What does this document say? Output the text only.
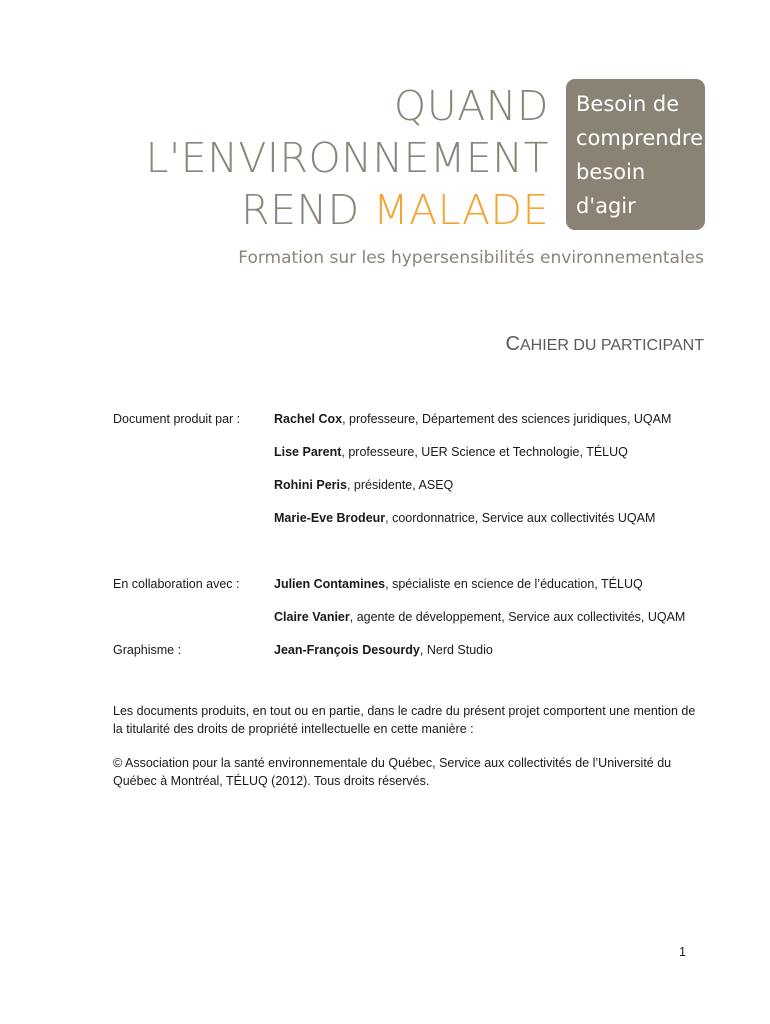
QUAND
L'ENVIRONNEMENT
REND MALADE
Besoin de
comprendre,
besoin
d'agir
Formation sur les hypersensibilités environnementales
CAHIER DU PARTICIPANT
Document produit par :	Rachel Cox, professeure, Département des sciences juridiques, UQAM
Lise Parent, professeure, UER Science et Technologie, TÉLUQ
Rohini Peris, présidente, ASEQ
Marie-Eve Brodeur, coordonnatrice, Service aux collectivités UQAM
En collaboration avec :	Julien Contamines, spécialiste en science de l’éducation, TÉLUQ
Claire Vanier, agente de développement, Service aux collectivités, UQAM
Graphisme :	Jean-François Desourdy, Nerd Studio
Les documents produits, en tout ou en partie, dans le cadre du présent projet comportent une mention de la titularité des droits de propriété intellectuelle en cette manière :
© Association pour la santé environnementale du Québec, Service aux collectivités de l’Université du Québec à Montréal, TÉLUQ (2012). Tous droits réservés.
1
